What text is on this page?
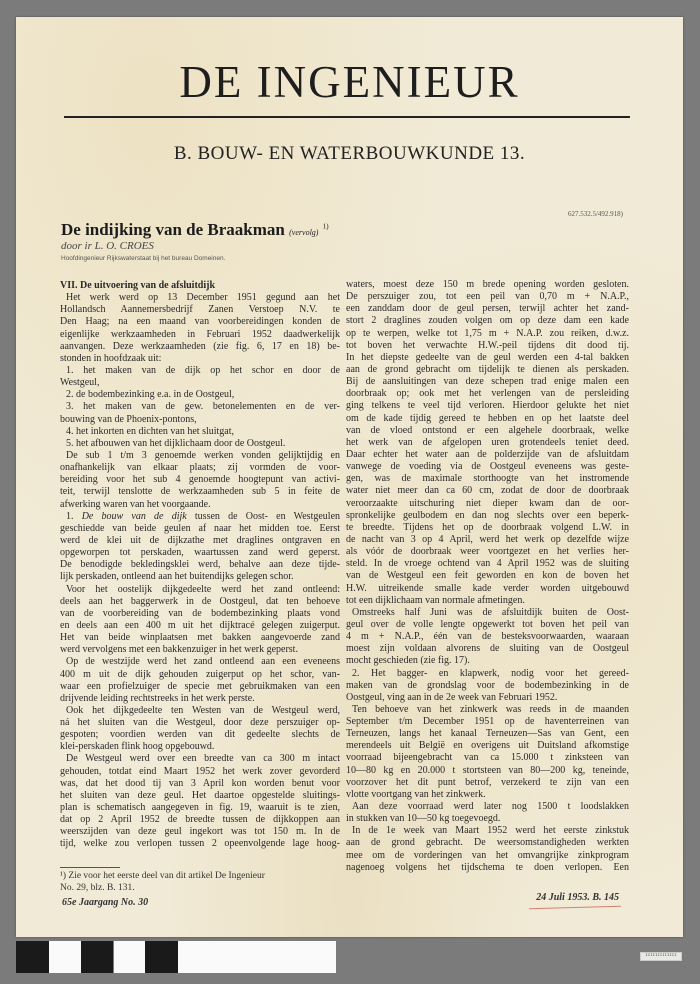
DE INGENIEUR
B. BOUW- EN WATERBOUWKUNDE 13.
627.532.5/492.918)
De indijking van de Braakman (vervolg) $^{1)}$
door ir L. O. CROES
Hoofdingenieur Rijkswaterstaat bij het bureau Domeinen.
VII. De uitvoering van de afsluitdijk
Het werk werd op 13 December 1951 gegund aan het
Hollandsch Aannemersbedrijf Zanen Verstoep N.V. te
Den Haag; na een maand van voorbereidingen konden de
eigenlijke werkzaamheden in Februari 1952 daadwerkelijk
aanvangen. Deze werkzaamheden (zie fig. 6, 17 en 18) be-
stonden in hoofdzaak uit:
1. het maken van de dijk op het schor en door de
Westgeul,
2. de bodembezinking e.a. in de Oostgeul,
3. het maken van de gew. betonelementen en de ver-
bouwing van de Phoenix-pontons,
4. het inkorten en dichten van het sluitgat,
5. het afbouwen van het dijklichaam door de Oostgeul.
De sub 1 t/m 3 genoemde werken vonden gelijktijdig en
onafhankelijk van elkaar plaats; zij vormden de voor-
bereiding voor het sub 4 genoemde hoogtepunt van activi-
teit, terwijl tenslotte de werkzaamheden sub 5 in feite de
afwerking waren van het voorgaande.
1. De bouw van de dijk tussen de Oost- en Westgeulen
geschiedde van beide geulen af naar het midden toe. Eerst
werd de klei uit de dijkzathe met draglines ontgraven en
opgeworpen tot perskaden, waartussen zand werd geperst.
De benodigde bekledingsklei werd, behalve aan deze tijde-
lijk perskaden, ontleend aan het buitendijks gelegen schor.
Voor het oostelijk dijkgedeelte werd het zand ontleend:
deels aan het baggerwerk in de Oostgeul, dat ten behoeve
van de voorbereiding van de bodembezinking plaats vond
en deels aan een 400 m uit het dijktracé gelegen zuigerput.
Het van beide winplaatsen met bakken aangevoerde zand
werd vervolgens met een bakkenzuiger in het werk geperst.
Op de westzijde werd het zand ontleend aan een eveneens
400 m uit de dijk gehouden zuigerput op het schor, van-
waar een profielzuiger de specie met gebruikmaken van een
drijvende leiding rechtstreeks in het werk perste.
Ook het dijkgedeelte ten Westen van de Westgeul werd,
ná het sluiten van die Westgeul, door deze perszuiger op-
gespoten; voordien werden van dit gedeelte slechts de
klei-perskaden flink hoog opgebouwd.
De Westgeul werd over een breedte van ca 300 m intact
gehouden, totdat eind Maart 1952 het werk zover gevorderd
was, dat het dood tij van 3 April kon worden benut voor
het sluiten van deze geul. Het daartoe opgestelde sluitings-
plan is schematisch aangegeven in fig. 19, waaruit is te zien,
dat op 2 April 1952 de breedte tussen de dijkkoppen aan
weerszijden van deze geul ingekort was tot 150 m. In de
tijd, welke zou verlopen tussen 2 opeenvolgende lage hoog-
waters, moest deze 150 m brede opening worden gesloten.
De perszuiger zou, tot een peil van 0,70 m + N.A.P.,
een zanddam door de geul persen, terwijl achter het zand-
stort 2 draglines zouden volgen om op deze dam een kade
op te werpen, welke tot 1,75 m + N.A.P. zou reiken, d.w.z.
tot boven het verwachte H.W.-peil tijdens dit dood tij.
In het diepste gedeelte van de geul werden een 4-tal bakken
aan de grond gebracht om tijdelijk te dienen als perskaden.
Bij de aansluitingen van deze schepen trad enige malen een
doorbraak op; ook met het verlengen van de persleiding
ging telkens te veel tijd verloren. Hierdoor gelukte het niet
om de kade tijdig gereed te hebben en op het laatste deel
van de vloed ontstond er een algehele doorbraak, welke
het werk van de afgelopen uren grotendeels teniet deed.
Daar echter het water aan de polderzijde van de afsluitdam
vanwege de voeding via de Oostgeul eveneens was geste-
gen, was de maximale storthoogte van het instromende
water niet meer dan ca 60 cm, zodat de door de doorbraak
veroorzaakte uitschuring niet dieper kwam dan de oor-
spronkelijke geulbodem en dan nog slechts over een beperk-
te breedte. Tijdens het op de doorbraak volgend L.W. in
de nacht van 3 op 4 April, werd het werk op dezelfde wijze
als vóór de doorbraak weer voortgezet en het verlies her-
steld. In de vroege ochtend van 4 April 1952 was de sluiting
van de Westgeul een feit geworden en kon de boven het
H.W. uitreikende smalle kade verder worden uitgebouwd
tot een dijklichaam van normale afmetingen.
Omstreeks half Juni was de afsluitdijk buiten de Oost-
geul over de volle lengte opgewerkt tot boven het peil van
4 m + N.A.P., één van de besteksvoorwaarden, waaraan
moest zijn voldaan alvorens de sluiting van de Oostgeul
mocht geschieden (zie fig. 17).
2. Het bagger- en klapwerk, nodig voor het gereed-
maken van de grondslag voor de bodembezinking in de
Oostgeul, ving aan in de 2e week van Februari 1952.
Ten behoeve van het zinkwerk was reeds in de maanden
September t/m December 1951 op de haventerreinen van
Terneuzen, langs het kanaal Terneuzen—Sas van Gent, een
merendeels uit België en overigens uit Duitsland afkomstige
voorraad bijeengebracht van ca 15.000 t zinksteen van
10—80 kg en 20.000 t stortsteen van 80—200 kg, teneinde,
voorzover het dit punt betrof, verzekerd te zijn van een
vlotte voortgang van het zinkwerk.
Aan deze voorraad werd later nog 1500 t loodslakken
in stukken van 10—50 kg toegevoegd.
In de 1e week van Maart 1952 werd het eerste zinkstuk
aan de grond gebracht. De weersomstandigheden werkten
mee om de vorderingen van het omvangrijke zinkprogram
nagenoeg volgens het tijdschema te doen verlopen. Een
¹) Zie voor het eerste deel van dit artikel De Ingenieur
No. 29, blz. B. 131.
65e Jaargang No. 30	24 Juli 1953. B. 145
IIIIIIIIIIIII
